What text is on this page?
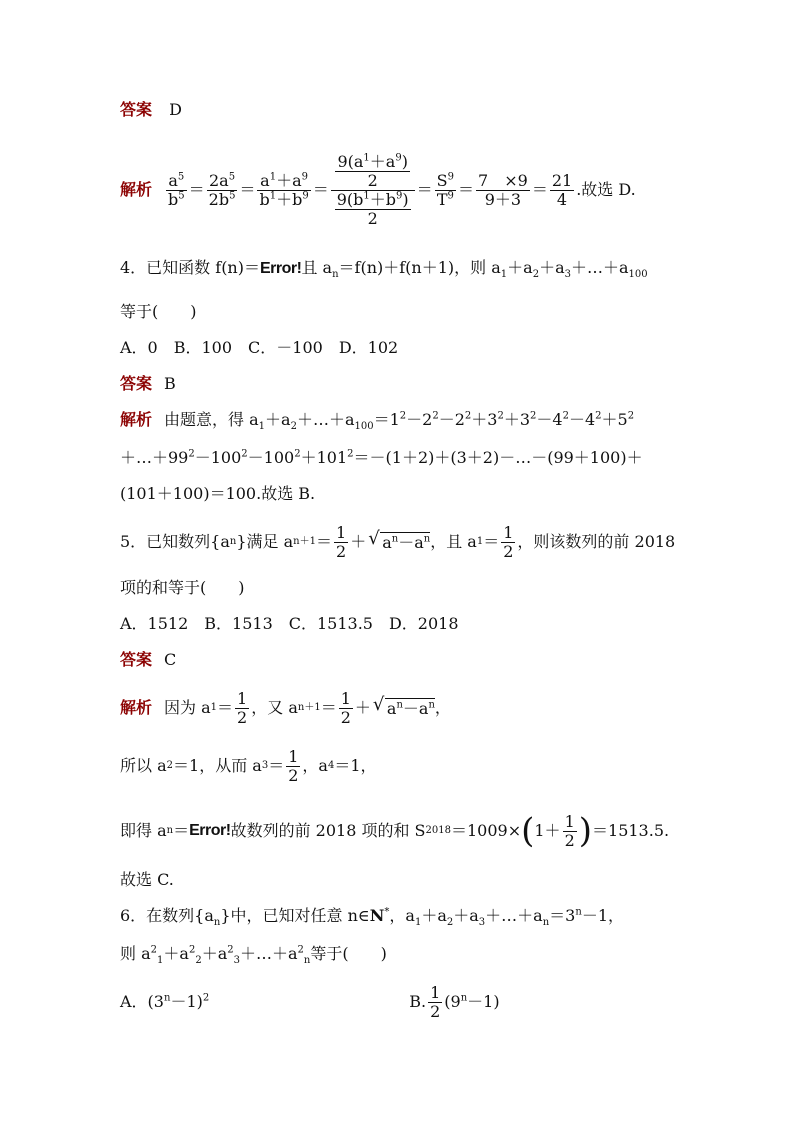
答案 D
解析 $\frac{a^5}{b^5} = \frac{2a^5}{2b^5} = \frac{a^1+a^9}{b^1+b^9} = \frac{\frac{9(a^1+a^9)}{2}}{\frac{9(b^1+b^9)}{2}} = \frac{S^9}{T^9} = \frac{7 \times 9}{9+3} = \frac{21}{4}$ .故选 D.
4．已知函数 f(n)＝Error!且 $a_n=f(n)+f(n+1)$，则 $a_1+a_2+a_3+\dots+a_{100}$
等于(　　)
A．0　B．100　C．－100　D．102
答案 B
解析 由题意，得 $a_1+a_2+\dots+a_{100}=1^2-2^2-2^2+3^2+3^2-4^2-4^2+5^2$
$+\dots+99^2-100^2-100^2+101^2=-(1+2)+(3+2)-\dots-(99+100)+$
(101＋100)＝100.故选 B.
5．已知数列{a n }满足 a $n+1 = \frac{1}{2}$ ＋ √ $a^n-a^n$ ，且 a $1 = \frac{1}{2}$ ，则该数列的前 2018
项的和等于(　　)
A．1512　B．1513　C．1513.5　D．2018
答案 C
解析 因为 a $1 = \frac{1}{2}$ ，又 a $n+1 = \frac{1}{2}$ ＋ √ $a^n-a^n$ ，
所以 a 2 ＝1，从而 a $3 = \frac{1}{2}$ ，a 4 ＝1，
即得 a n ＝ Error! 故数列的前 2018 项的和 S 2018 ＝1009× ( $1+ \frac{1}{2}$ ) ＝1513.5.
故选 C.
6．在数列$\{a_n\}$中，已知对任意 n∈N*，$a_1+a_2+a_3+\dots+a_n=3^n-1$，
则 $a^2_1+a^2_2+a^2_3+\dots+a^2_n$等于(　　)
A．$(3^n-1)^2$	B. $\frac{1}{2} (9^n-1)$
